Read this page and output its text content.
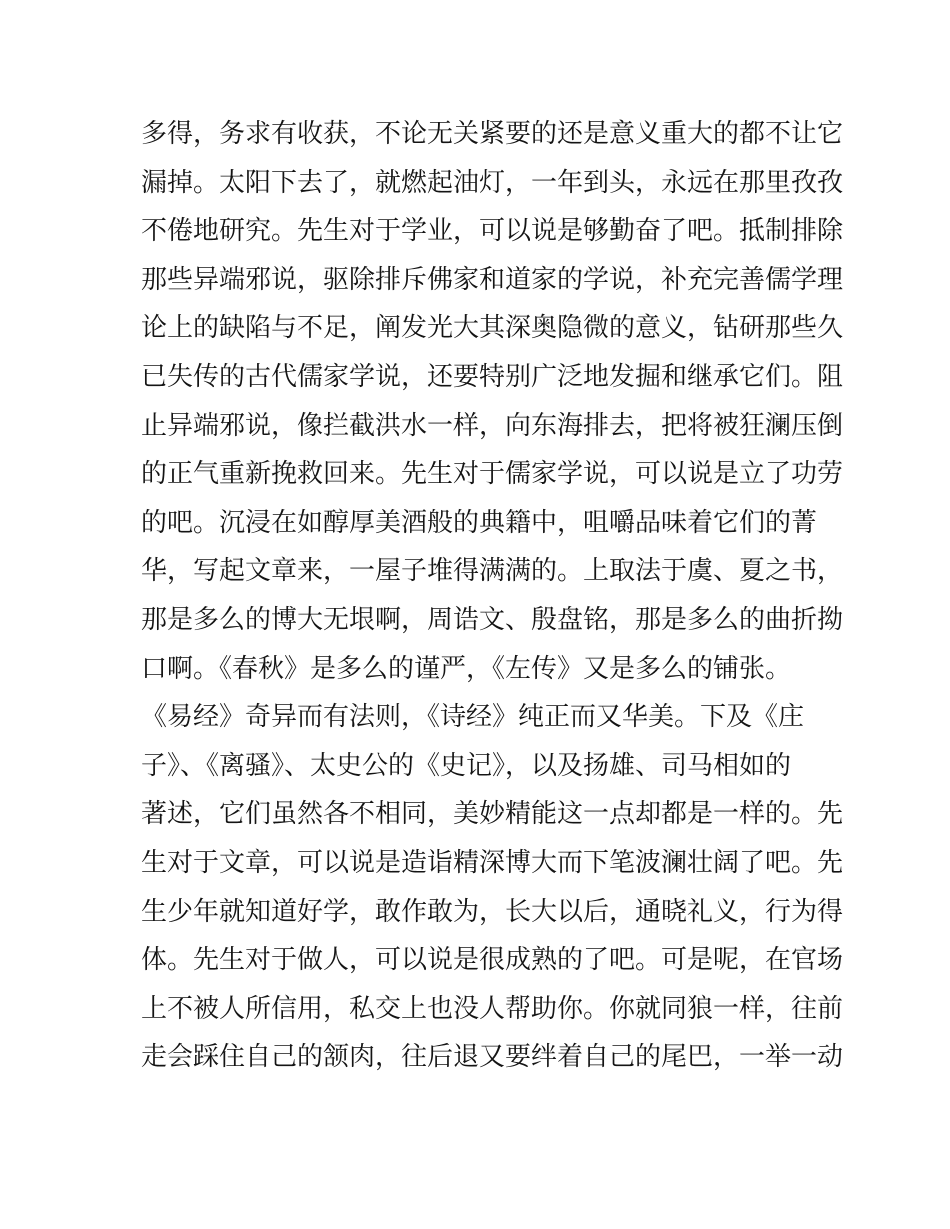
多得，务求有收获，不论无关紧要的还是意义重大的都不让它
漏掉。太阳下去了，就燃起油灯，一年到头，永远在那里孜孜
不倦地研究。先生对于学业，可以说是够勤奋了吧。抵制排除
那些异端邪说，驱除排斥佛家和道家的学说，补充完善儒学理
论上的缺陷与不足，阐发光大其深奥隐微的意义，钻研那些久
已失传的古代儒家学说，还要特别广泛地发掘和继承它们。阻
止异端邪说，像拦截洪水一样，向东海排去，把将被狂澜压倒
的正气重新挽救回来。先生对于儒家学说，可以说是立了功劳
的吧。沉浸在如醇厚美酒般的典籍中，咀嚼品味着它们的菁
华，写起文章来，一屋子堆得满满的。上取法于虞、夏之书，
那是多么的博大无垠啊，周诰文、殷盘铭，那是多么的曲折拗
口啊。《春秋》是多么的谨严，《左传》又是多么的铺张。
《易经》奇异而有法则，《诗经》纯正而又华美。下及《庄
子》、《离骚》、太史公的《史记》，以及扬雄、司马相如的
著述，它们虽然各不相同，美妙精能这一点却都是一样的。先
生对于文章，可以说是造诣精深博大而下笔波澜壮阔了吧。先
生少年就知道好学，敢作敢为，长大以后，通晓礼义，行为得
体。先生对于做人，可以说是很成熟的了吧。可是呢，在官场
上不被人所信用，私交上也没人帮助你。你就同狼一样，往前
走会踩住自己的颔肉，往后退又要绊着自己的尾巴，一举一动
